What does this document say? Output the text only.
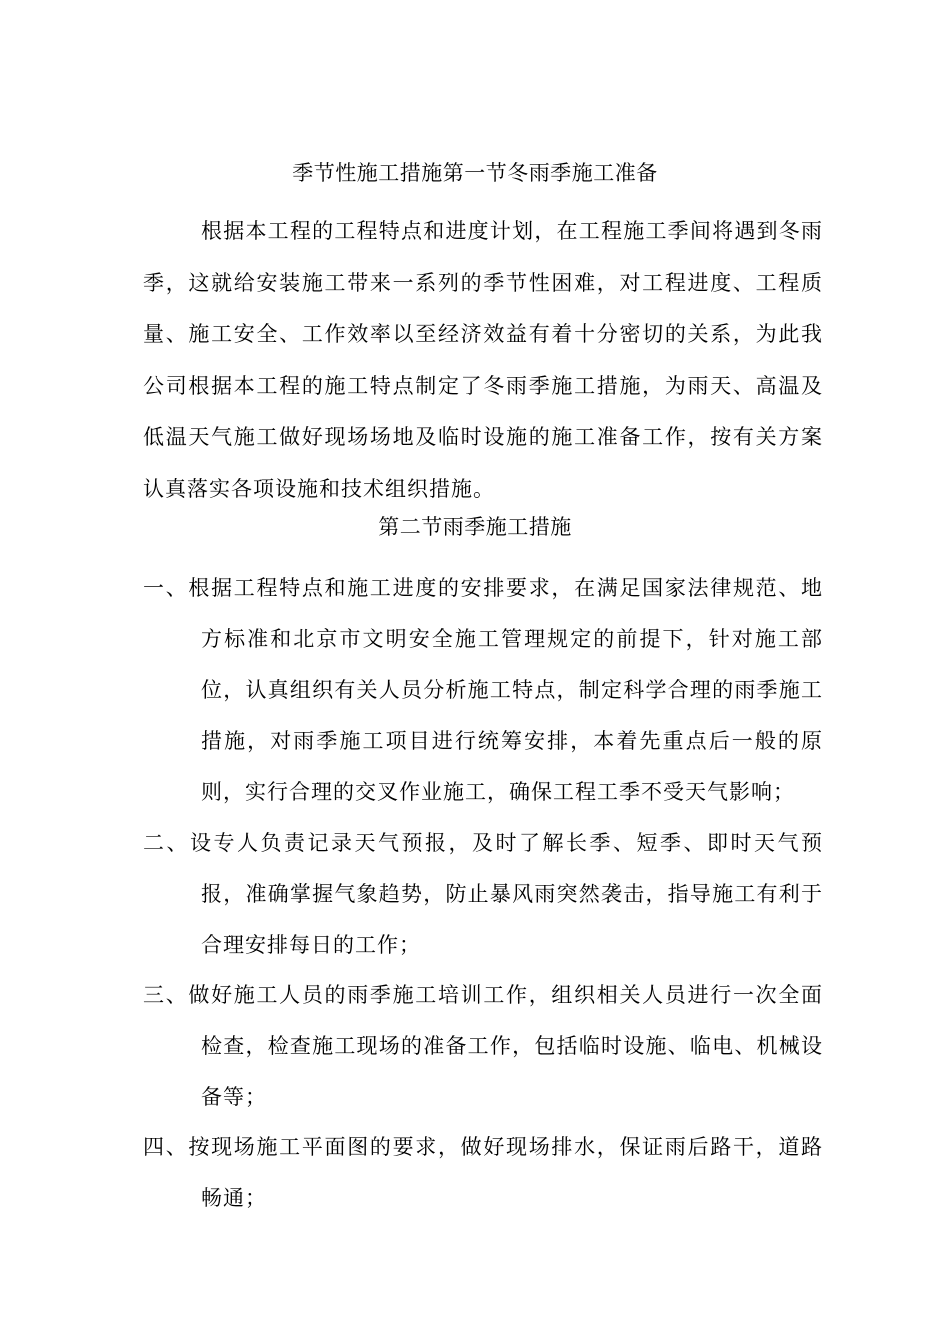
季节性施工措施第一节冬雨季施工准备

根据本工程的工程特点和进度计划，在工程施工季间将遇到冬雨季，这就给安装施工带来一系列的季节性困难，对工程进度、工程质量、施工安全、工作效率以至经济效益有着十分密切的关系，为此我公司根据本工程的施工特点制定了冬雨季施工措施，为雨天、高温及低温天气施工做好现场场地及临时设施的施工准备工作，按有关方案认真落实各项设施和技术组织措施。

第二节雨季施工措施

一、根据工程特点和施工进度的安排要求，在满足国家法律规范、地方标准和北京市文明安全施工管理规定的前提下，针对施工部位，认真组织有关人员分析施工特点，制定科学合理的雨季施工措施，对雨季施工项目进行统筹安排，本着先重点后一般的原则，实行合理的交叉作业施工，确保工程工季不受天气影响；

二、设专人负责记录天气预报，及时了解长季、短季、即时天气预报，准确掌握气象趋势，防止暴风雨突然袭击，指导施工有利于合理安排每日的工作；

三、做好施工人员的雨季施工培训工作，组织相关人员进行一次全面检查，检查施工现场的准备工作，包括临时设施、临电、机械设备等；

四、按现场施工平面图的要求，做好现场排水，保证雨后路干，道路畅通；
